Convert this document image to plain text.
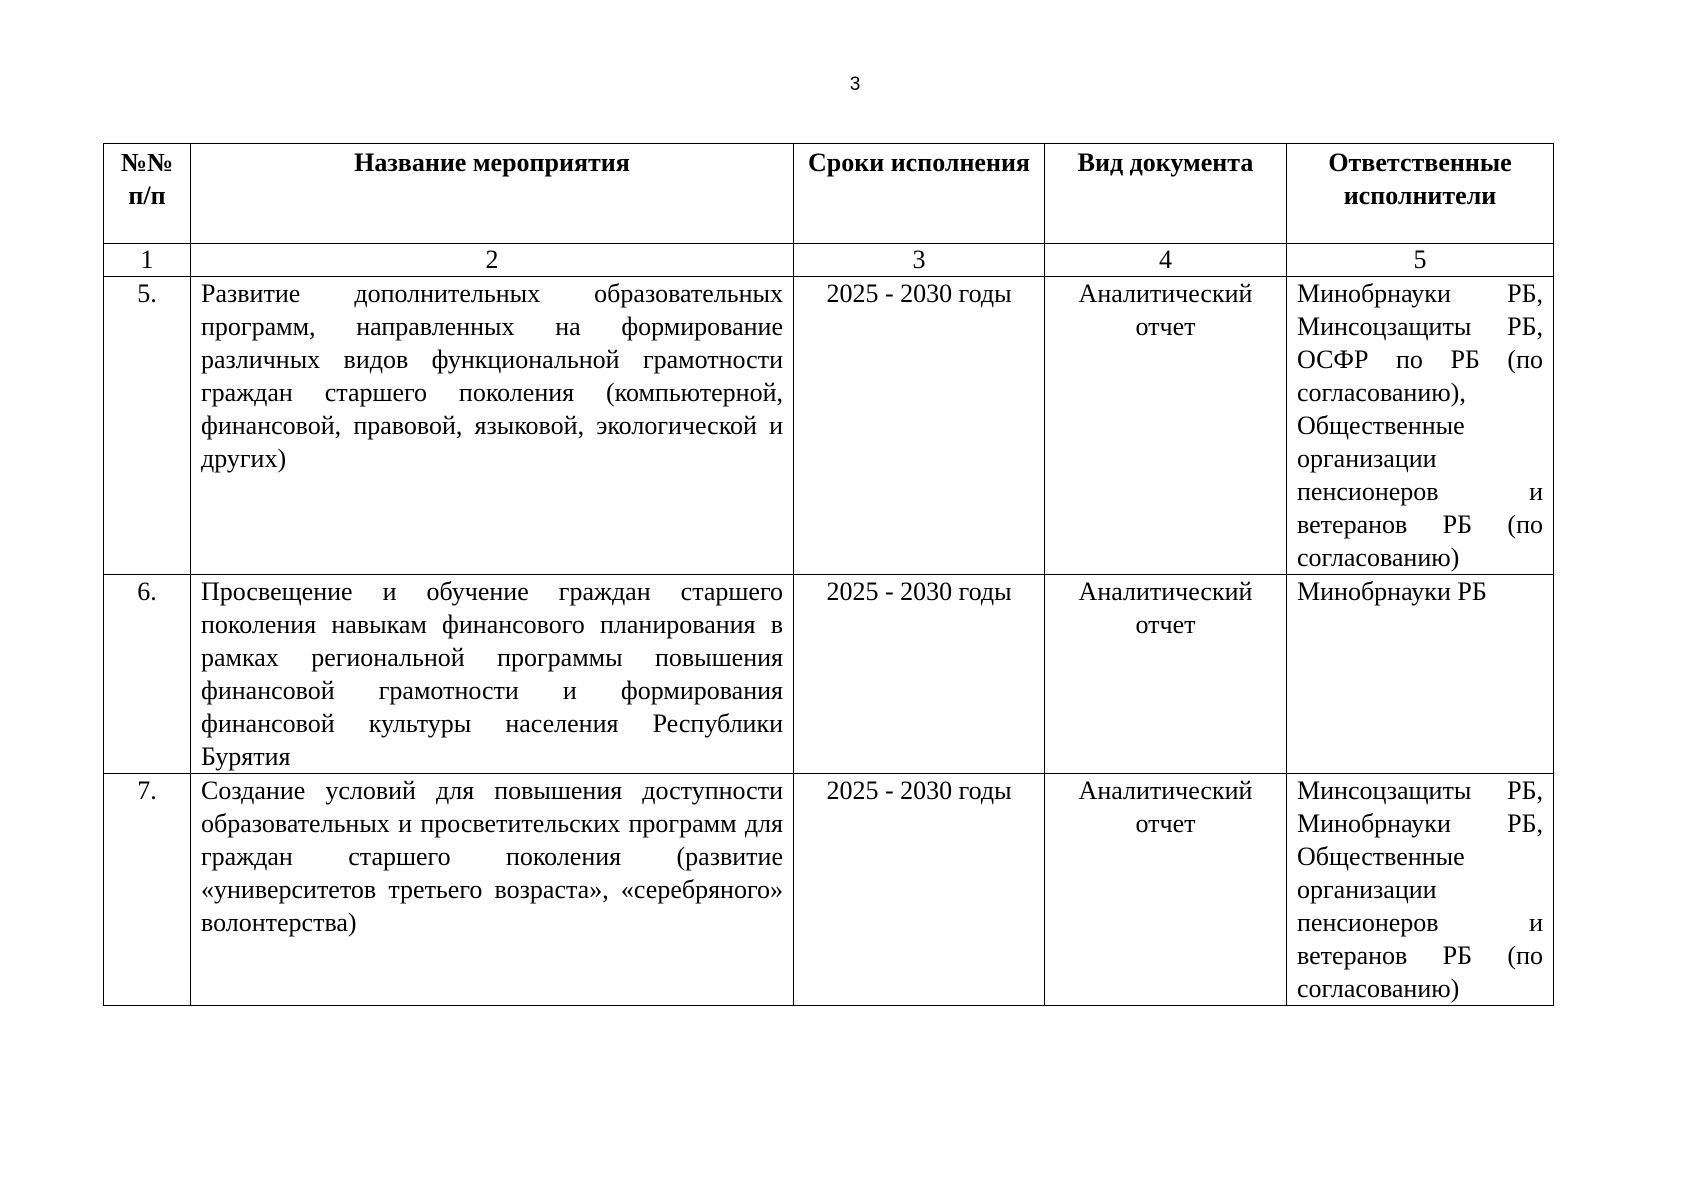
3
№№ п/п	Название мероприятия	Сроки исполнения	Вид документа	Ответственные исполнители
1	2	3	4	5
5.	Развитие дополнительных образовательных программ, направленных на формирование различных видов функциональной грамотности граждан старшего поколения (компьютерной, финансовой, правовой, языковой, экологической и других)	2025 - 2030 годы	Аналитический отчет	Минобрнауки РБ, Минсоцзащиты РБ, ОСФР по РБ (по согласованию), Общественные организации пенсионеров и ветеранов РБ (по согласованию)
6.	Просвещение и обучение граждан старшего поколения навыкам финансового планирования в рамках региональной программы повышения финансовой грамотности и формирования финансовой культуры населения Республики Бурятия	2025 - 2030 годы	Аналитический отчет	Минобрнауки РБ
7.	Создание условий для повышения доступности образовательных и просветительских программ для граждан старшего поколения (развитие «университетов третьего возраста», «серебряного» волонтерства)	2025 - 2030 годы	Аналитический отчет	Минсоцзащиты РБ, Минобрнауки РБ, Общественные организации пенсионеров и ветеранов РБ (по согласованию)
